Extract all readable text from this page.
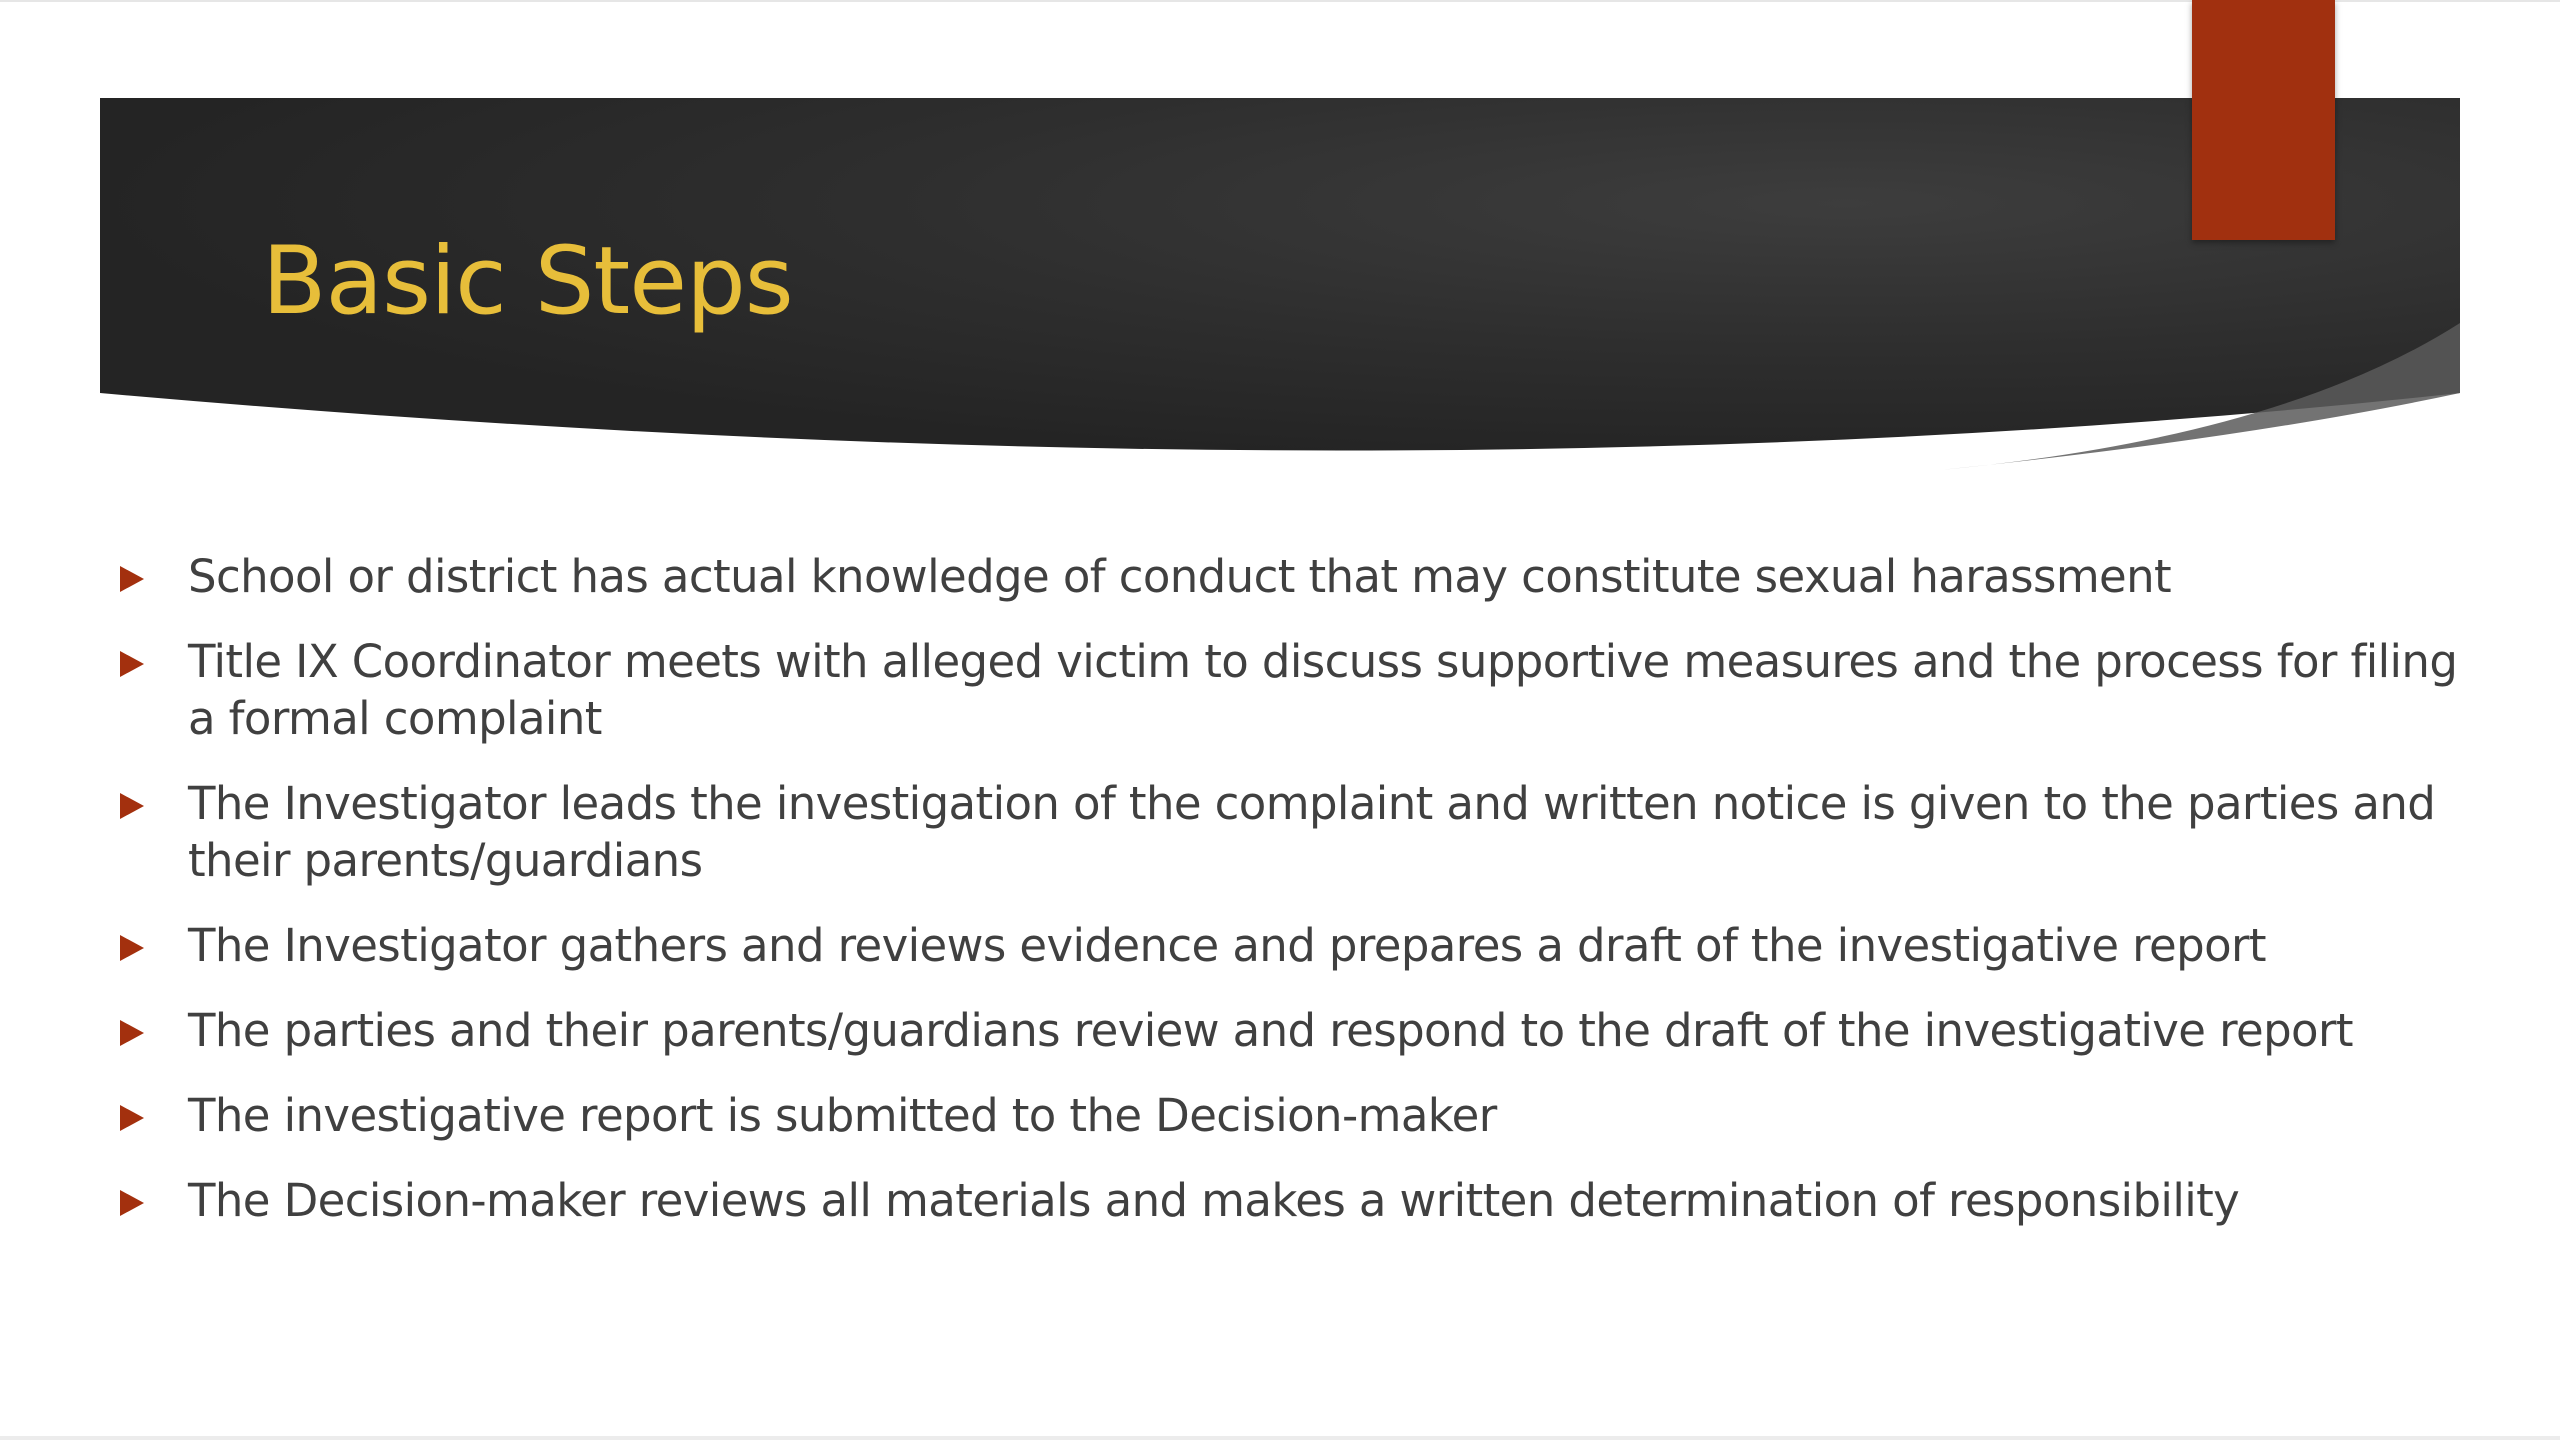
Basic Steps
School or district has actual knowledge of conduct that may constitute sexual harassment
Title IX Coordinator meets with alleged victim to discuss supportive measures and the process for filing a formal complaint
The Investigator leads the investigation of the complaint and written notice is given to the parties and their parents/guardians
The Investigator gathers and reviews evidence and prepares a draft of the investigative report
The parties and their parents/guardians review and respond to the draft of the investigative report
The investigative report is submitted to the Decision-maker
The Decision-maker reviews all materials and makes a written determination of responsibility
